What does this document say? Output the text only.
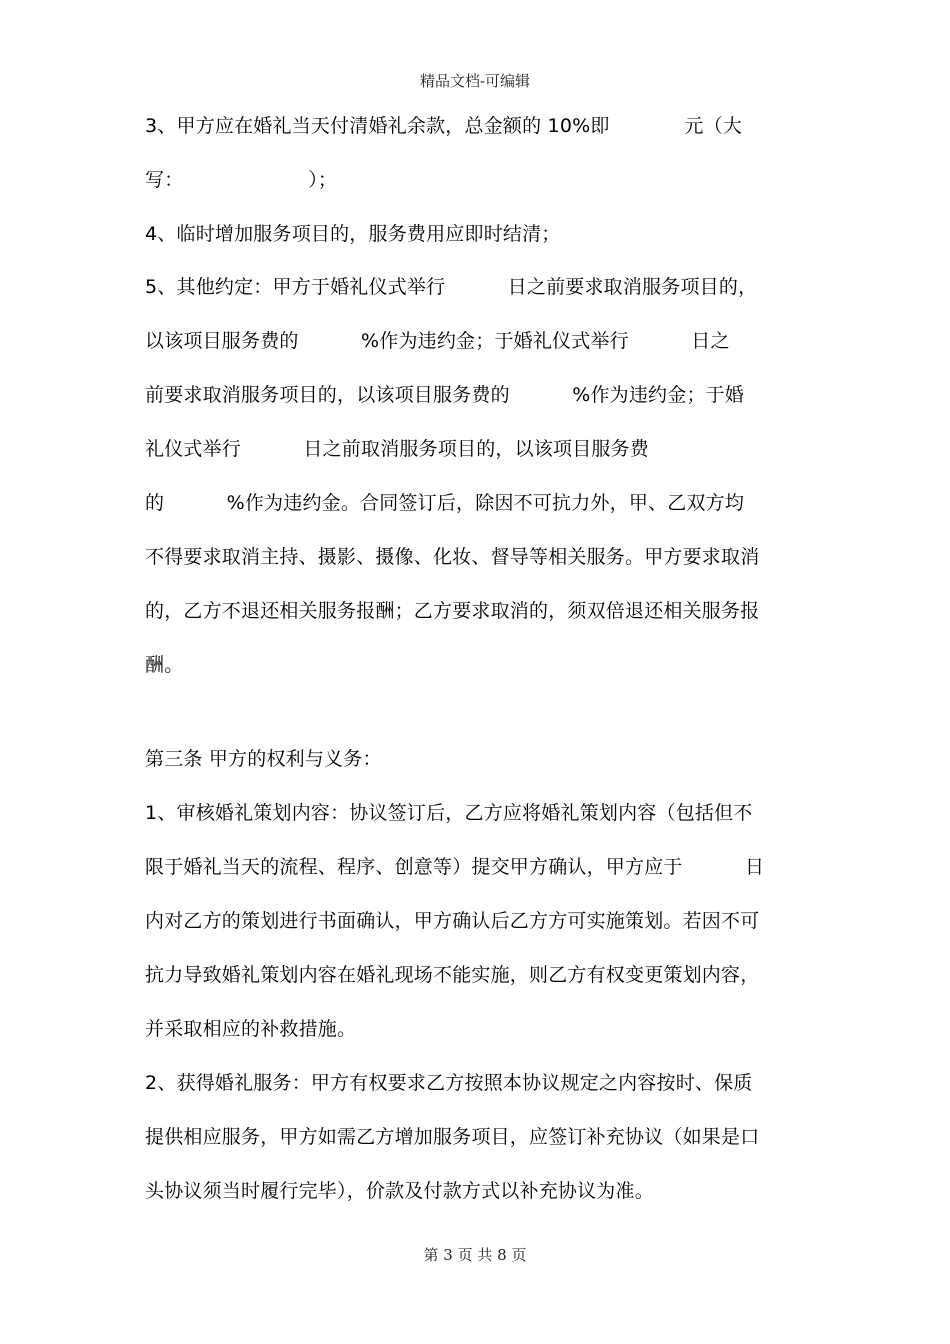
精品文档-可编辑
3、甲方应在婚礼当天付清婚礼余款，总金额的 10%即            元（大
写：                    ）；
4、临时增加服务项目的，服务费用应即时结清；
5、其他约定：甲方于婚礼仪式举行          日之前要求取消服务项目的，
以该项目服务费的          %作为违约金；于婚礼仪式举行          日之
前要求取消服务项目的，以该项目服务费的          %作为违约金；于婚
礼仪式举行          日之前取消服务项目的，以该项目服务费
的          %作为违约金。合同签订后，除因不可抗力外，甲、乙双方均
不得要求取消主持、摄影、摄像、化妆、督导等相关服务。甲方要求取消
的，乙方不退还相关服务报酬；乙方要求取消的，须双倍退还相关服务报
酬。
第三条 甲方的权利与义务：
1、审核婚礼策划内容：协议签订后，乙方应将婚礼策划内容（包括但不
限于婚礼当天的流程、程序、创意等）提交甲方确认，甲方应于          日
内对乙方的策划进行书面确认，甲方确认后乙方方可实施策划。若因不可
抗力导致婚礼策划内容在婚礼现场不能实施，则乙方有权变更策划内容，
并采取相应的补救措施。
2、获得婚礼服务：甲方有权要求乙方按照本协议规定之内容按时、保质
提供相应服务，甲方如需乙方增加服务项目，应签订补充协议（如果是口
头协议须当时履行完毕），价款及付款方式以补充协议为准。
第 3 页 共 8 页
